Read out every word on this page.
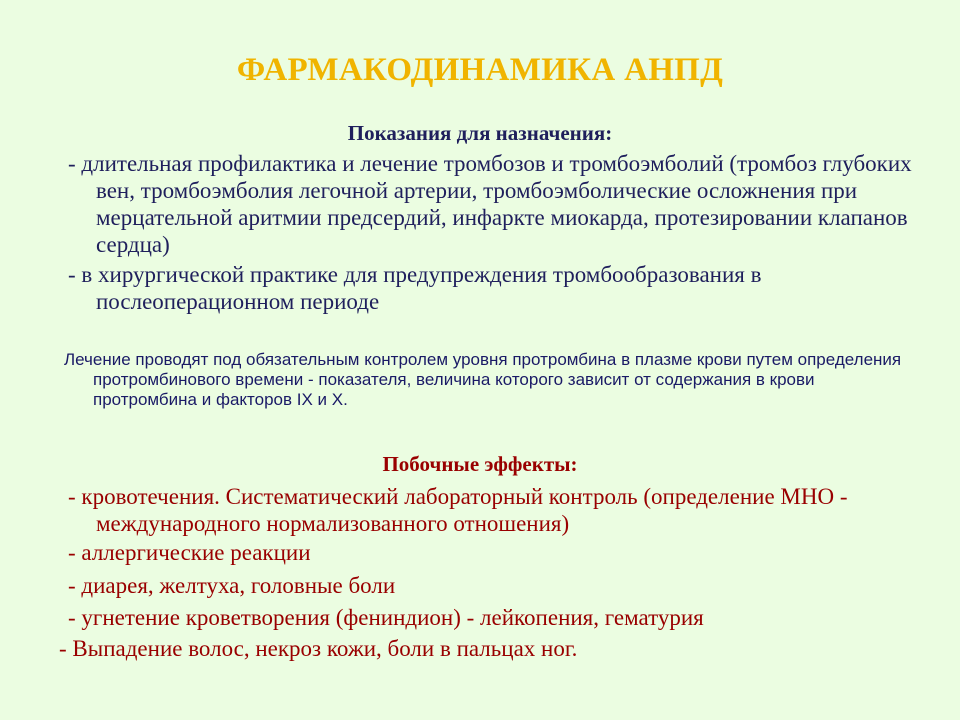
ФАРМАКОДИНАМИКА АНПД
Показания для назначения:

- длительная профилактика и лечение тромбозов и тромбоэмболий (тромбоз глубоких вен, тромбоэмболия легочной артерии, тромбоэмболические осложнения при мерцательной аритмии предсердий, инфаркте миокарда, протезировании клапанов сердца)

- в хирургической практике для предупреждения тромбообразования в послеоперационном периоде

Лечение проводят под обязательным контролем уровня протромбина в плазме крови путем определения протромбинового времени - показателя, величина которого зависит от содержания в крови протромбина и факторов IX и X.

Побочные эффекты:

- кровотечения. Систематический лабораторный контроль (определение МНО - международного нормализованного отношения)

- аллергические реакции

- диарея, желтуха, головные боли

- угнетение кроветворения (фениндион) - лейкопения, гематурия

- Выпадение волос, некроз кожи, боли в пальцах ног.
